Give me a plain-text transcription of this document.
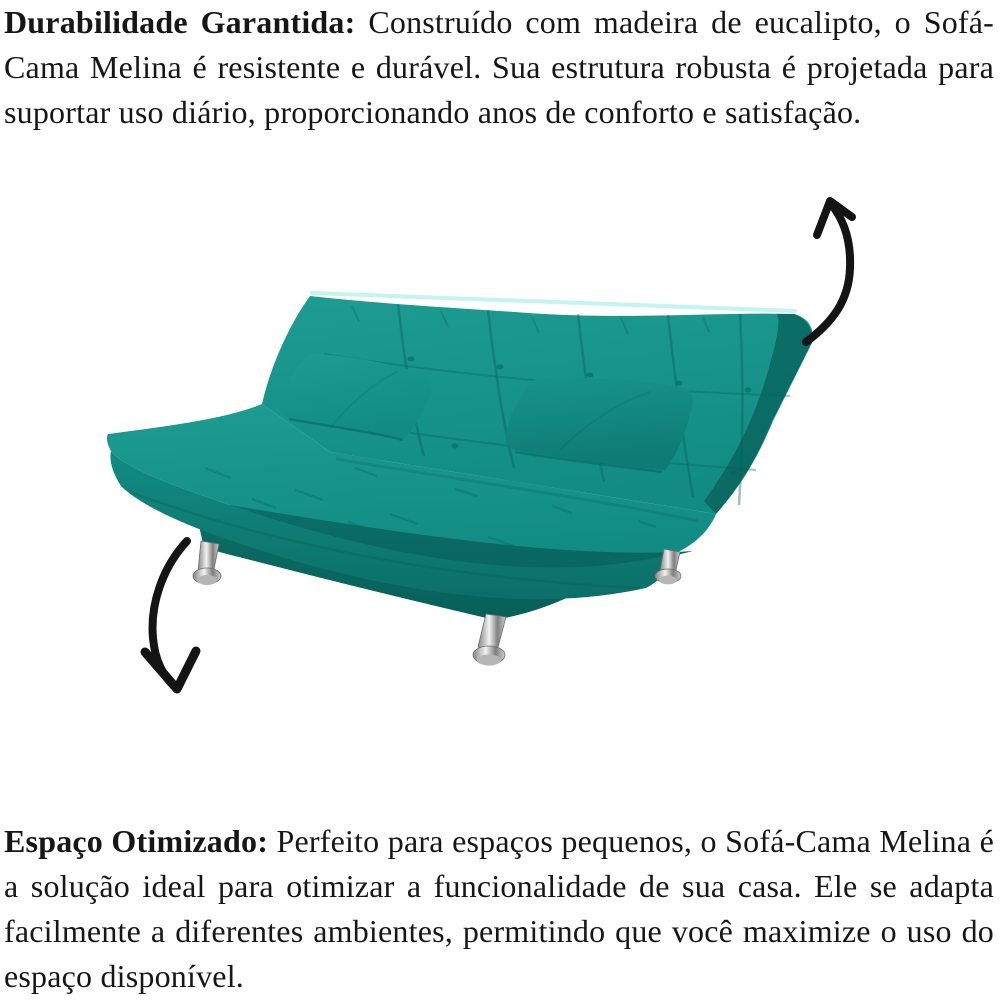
Durabilidade Garantida: Construído com madeira de eucalipto, o Sofá-Cama Melina é resistente e durável. Sua estrutura robusta é projetada para suportar uso diário, proporcionando anos de conforto e satisfação.

Espaço Otimizado: Perfeito para espaços pequenos, o Sofá-Cama Melina é a solução ideal para otimizar a funcionalidade de sua casa. Ele se adapta facilmente a diferentes ambientes, permitindo que você maximize o uso do espaço disponível.
